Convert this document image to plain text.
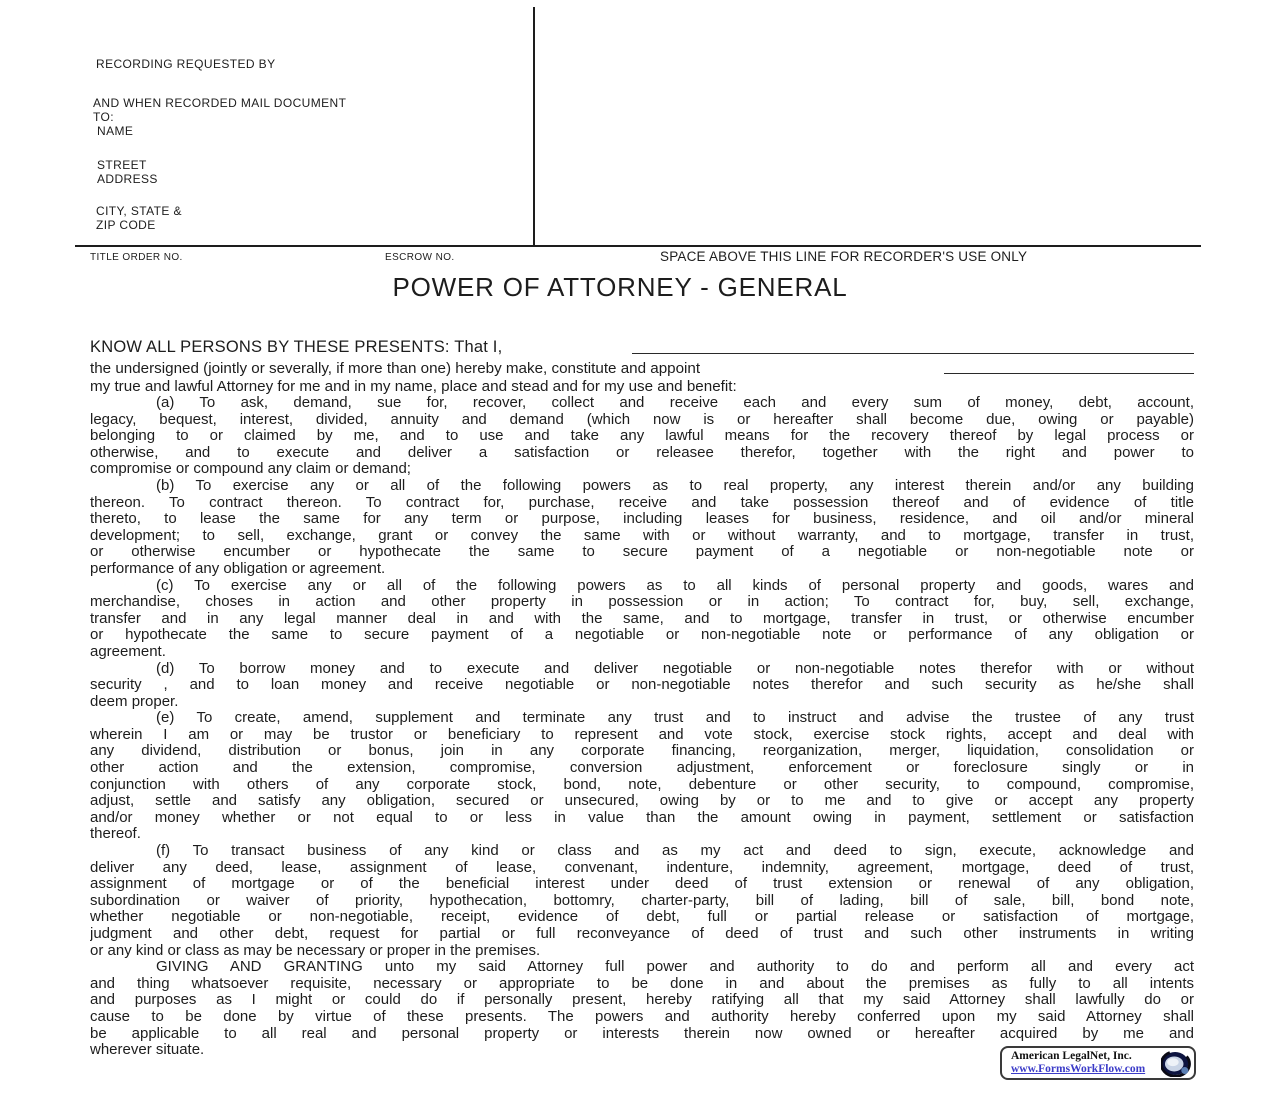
RECORDING REQUESTED BY
AND WHEN RECORDED MAIL DOCUMENT
TO:
NAME
STREET
ADDRESS
CITY, STATE &
ZIP CODE
TITLE ORDER NO.	ESCROW NO.	SPACE ABOVE THIS LINE FOR RECORDER'S USE ONLY
POWER OF ATTORNEY - GENERAL
KNOW ALL PERSONS BY THESE PRESENTS: That I,
the undersigned (jointly or severally, if more than one) hereby make, constitute and appoint
my true and lawful Attorney for me and in my name, place and stead and for my use and benefit:
(a) To ask, demand, sue for, recover, collect and receive each and every sum of money, debt, account,
legacy, bequest, interest, divided, annuity and demand (which now is or hereafter shall become due, owing or payable)
belonging to or claimed by me, and to use and take any lawful means for the recovery thereof by legal process or
otherwise, and to execute and deliver a satisfaction or releasee therefor, together with the right and power to
compromise or compound any claim or demand;
(b) To exercise any or all of the following powers as to real property, any interest therein and/or any building
thereon. To contract thereon. To contract for, purchase, receive and take possession thereof and of evidence of title
thereto, to lease the same for any term or purpose, including leases for business, residence, and oil and/or mineral
development; to sell, exchange, grant or convey the same with or without warranty, and to mortgage, transfer in trust,
or otherwise encumber or hypothecate the same to secure payment of a negotiable or non-negotiable note or
performance of any obligation or agreement.
(c) To exercise any or all of the following powers as to all kinds of personal property and goods, wares and
merchandise, choses in action and other property in possession or in action; To contract for, buy, sell, exchange,
transfer and in any legal manner deal in and with the same, and to mortgage, transfer in trust, or otherwise encumber
or hypothecate the same to secure payment of a negotiable or non-negotiable note or performance of any obligation or
agreement.
(d) To borrow money and to execute and deliver negotiable or non-negotiable notes therefor with or without
security , and to loan money and receive negotiable or non-negotiable notes therefor and such security as he/she shall
deem proper.
(e) To create, amend, supplement and terminate any trust and to instruct and advise the trustee of any trust
wherein I am or may be trustor or beneficiary to represent and vote stock, exercise stock rights, accept and deal with
any dividend, distribution or bonus, join in any corporate financing, reorganization, merger, liquidation, consolidation or
other action and the extension, compromise, conversion adjustment, enforcement or foreclosure singly or in
conjunction with others of any corporate stock, bond, note, debenture or other security, to compound, compromise,
adjust, settle and satisfy any obligation, secured or unsecured, owing by or to me and to give or accept any property
and/or money whether or not equal to or less in value than the amount owing in payment, settlement or satisfaction
thereof.
(f) To transact business of any kind or class and as my act and deed to sign, execute, acknowledge and
deliver any deed, lease, assignment of lease, convenant, indenture, indemnity, agreement, mortgage, deed of trust,
assignment of mortgage or of the beneficial interest under deed of trust extension or renewal of any obligation,
subordination or waiver of priority, hypothecation, bottomry, charter-party, bill of lading, bill of sale, bill, bond note,
whether negotiable or non-negotiable, receipt, evidence of debt, full or partial release or satisfaction of mortgage,
judgment and other debt, request for partial or full reconveyance of deed of trust and such other instruments in writing
or any kind or class as may be necessary or proper in the premises.
GIVING AND GRANTING unto my said Attorney full power and authority to do and perform all and every act
and thing whatsoever requisite, necessary or appropriate to be done in and about the premises as fully to all intents
and purposes as I might or could do if personally present, hereby ratifying all that my said Attorney shall lawfully do or
cause to be done by virtue of these presents. The powers and authority hereby conferred upon my said Attorney shall
be applicable to all real and personal property or interests therein now owned or hereafter acquired by me and
wherever situate.	American LegalNet, Inc.
www.FormsWorkFlow.com
